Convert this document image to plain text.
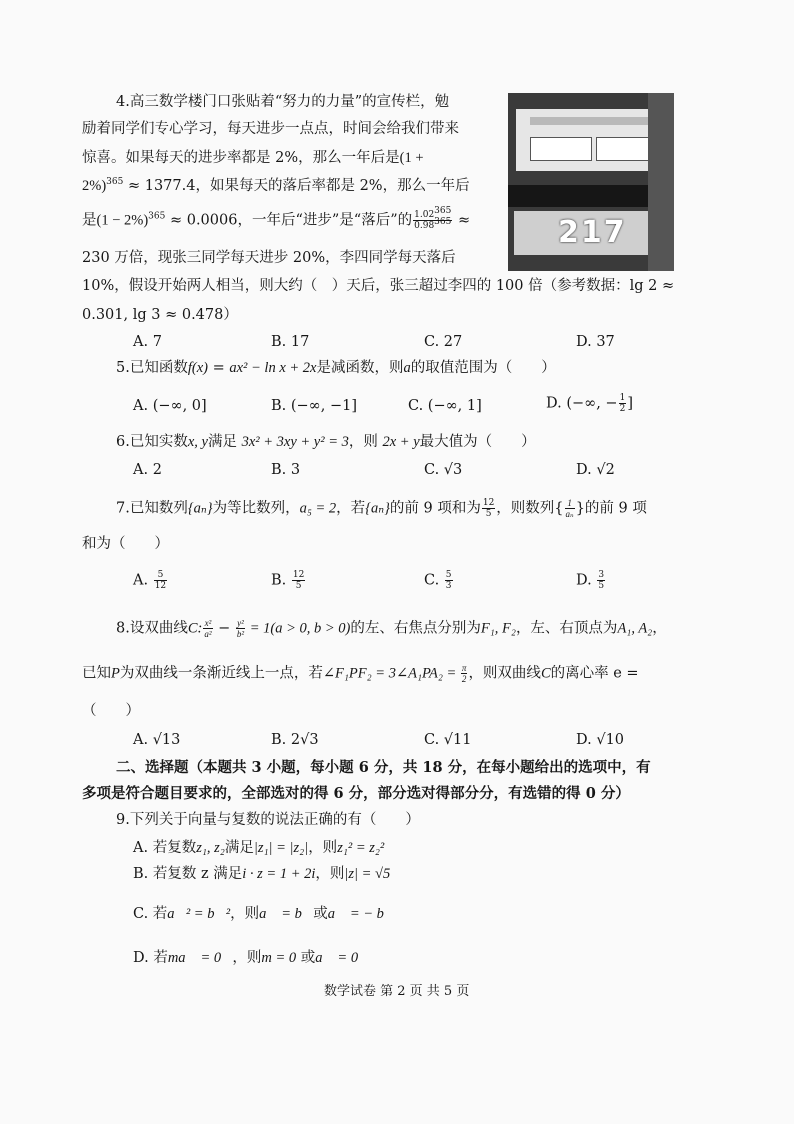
4.高三数学楼门口张贴着“努力的力量”的宣传栏，勉
励着同学们专心学习，每天进步一点点，时间会给我们带来
惊喜。如果每天的进步率都是 2%，那么一年后是(1 +
2%)$^{365}$ ≈ 1377.4，如果每天的落后率都是 2%，那么一年后
是$(1 - 2\%)^{365} \approx 0.0006$，一年后“进步”是“落后”的 $\frac{1.02^{365}}{0.98^{365}}$ ≈
230 万倍，现张三同学每天进步 20%，李四同学每天落后
10%，假设开始两人相当，则大约（　）天后，张三超过李四的 100 倍（参考数据：lg 2 ≈
0.301, lg 3 ≈ 0.478）
217
A. 7	B. 17	C. 27	D. 37
5.已知函数f(x) = ax² − ln x + 2x是减函数，则a的取值范围为（　　）
A. (−∞, 0]	B. (−∞, −1]	C. (−∞, 1]	D. (−∞, − $\frac{1}{2}$ ]
6.已知实数x, y满足 3x² + 3xy + y² = 3，则 2x + y最大值为（　　）
A. 2	B. 3	C. √3	D. √2
7.已知数列{aₙ}为等比数列，a₅ = 2，若{aₙ}的前 9 项和为 $\frac{12}{5}$ ，则数列{ $\frac{1}{\text{aₙ}}$ }的前 9 项
和为（　　）
A. $\frac{5}{12}$	B. $\frac{12}{5}$	C. $\frac{5}{3}$	D. $\frac{3}{5}$
8.设双曲线C: $\frac{\text{x²}}{\text{a²}} - \frac{\text{y²}}{\text{b²}} = 1(a > 0$, b > 0)的左、右焦点分别为F₁, F₂，左、右顶点为A₁, A₂，
已知P为双曲线一条渐近线上一点，若∠F₁PF₂ = 3∠A₁PA₂ = $\frac{\pi}{2}$ ，则双曲线C的离心率 e =
（　　）
A. √13	B. 2√3	C. √11	D. √10
二、选择题（本题共 3 小题，每小题 6 分，共 18 分，在每小题给出的选项中，有
多项是符合题目要求的，全部选对的得 6 分，部分选对得部分分，有选错的得 0 分）
9.下列关于向量与复数的说法正确的有（　　）
A. 若复数z₁, z₂满足|z₁| = |z₂|，则z₁² = z₂²
B. 若复数 z 满足i · z = 1 + 2i，则|z| = √5
C. 若a⃗² = b⃗²，则a⃗ = b⃗或a⃗ = − b⃗
D. 若ma⃗ = 0⃗，则m = 0 或a⃗ = 0⃗
数学试卷 第 2 页 共 5 页
